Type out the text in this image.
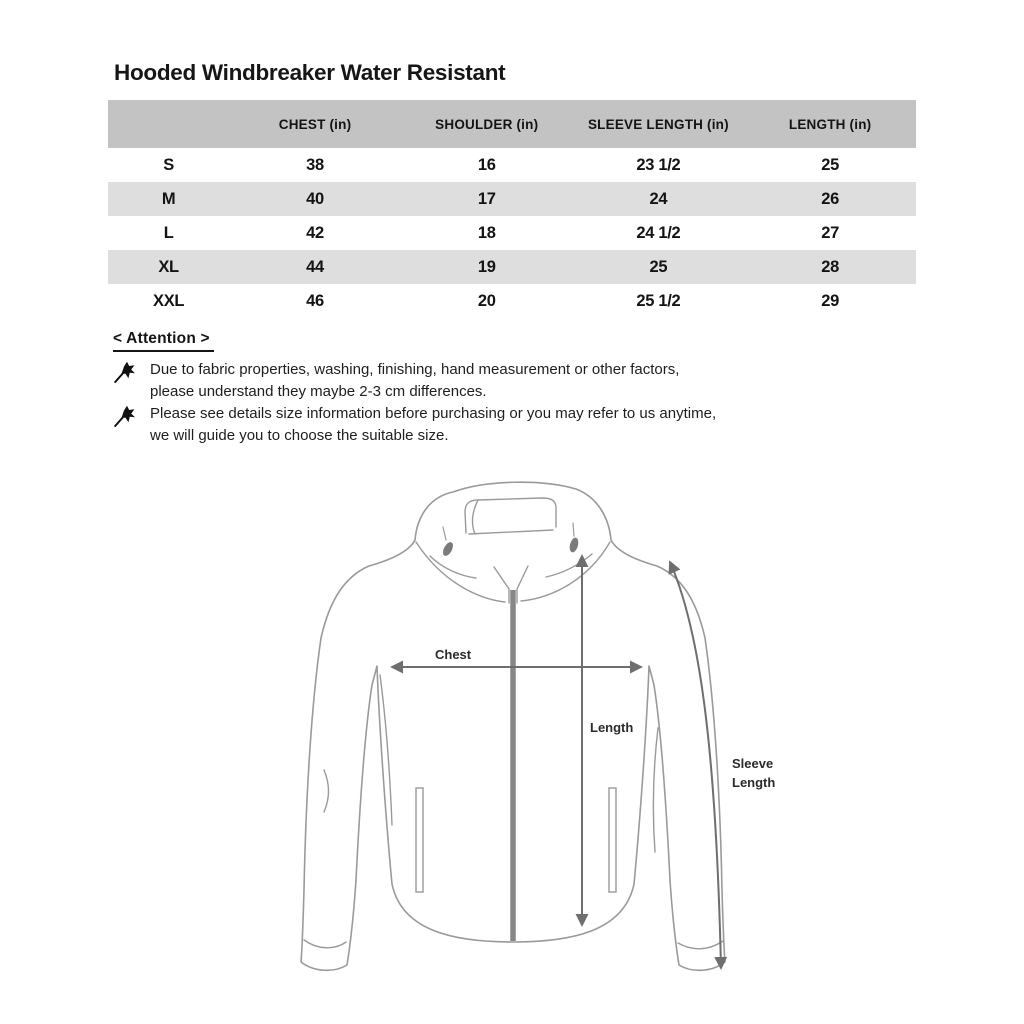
Hooded Windbreaker Water Resistant
	CHEST (in)	SHOULDER (in)	SLEEVE LENGTH (in)	LENGTH (in)
S	38	16	23 1/2	25
M	40	17	24	26
L	42	18	24 1/2	27
XL	44	19	25	28
XXL	46	20	25 1/2	29
< Attention >
Due to fabric properties, washing, finishing, hand measurement or other factors,
please understand they maybe 2-3 cm differences.
Please see details size information before purchasing or you may refer to us anytime,
we will guide you to choose the suitable size.
Chest
Length
Sleeve
Length
